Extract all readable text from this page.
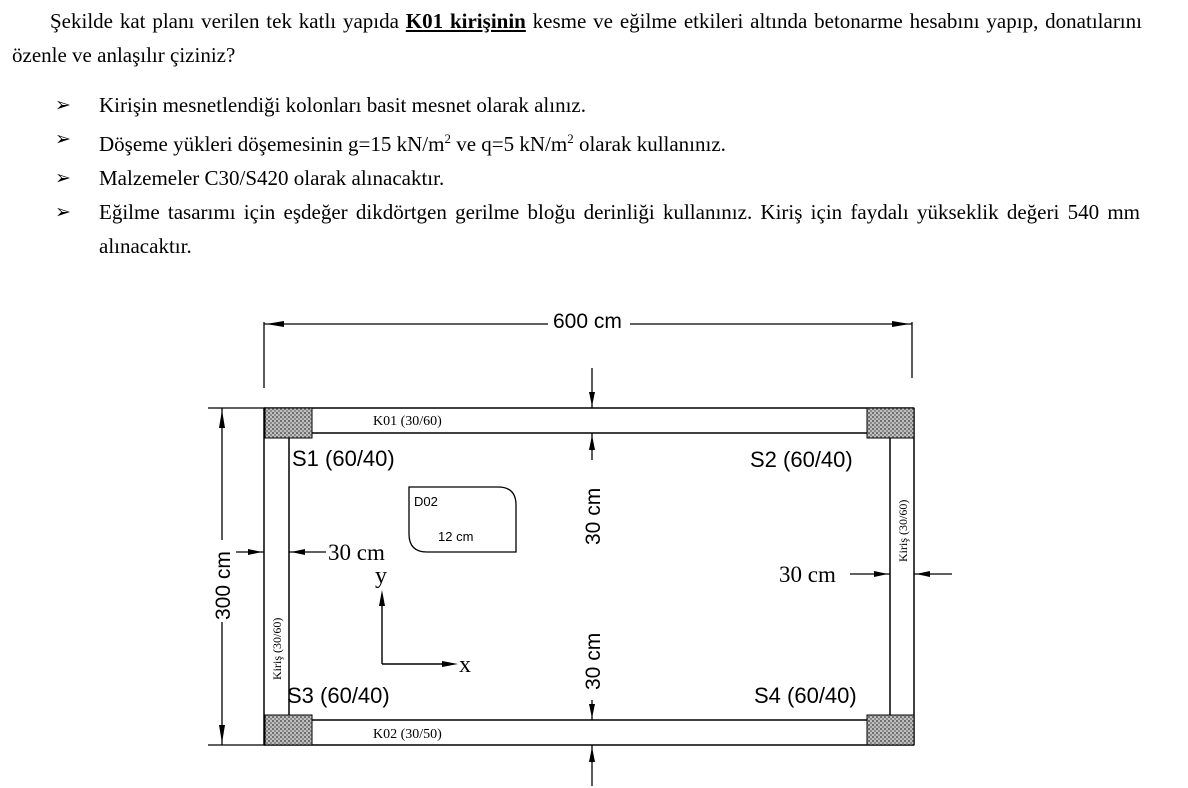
Şekilde kat planı verilen tek katlı yapıda K01 kirişinin kesme ve eğilme etkileri altında betonarme hesabını yapıp, donatılarını özenle ve anlaşılır çiziniz?

➢ Kirişin mesnetlendiği kolonları basit mesnet olarak alınız.
➢ Döşeme yükleri döşemesinin g=15 $kN/m^2$ ve q=5 $kN/m^2$ olarak kullanınız.
➢ Malzemeler C30/S420 olarak alınacaktır.
➢ Eğilme tasarımı için eşdeğer dikdörtgen gerilme bloğu derinliği kullanınız. Kiriş için faydalı yükseklik değeri 540 mm alınacaktır.
600 cm
300 cm
K01 (30/60)
K02 (30/50)
Kiriş (30/60)
Kiriş (30/60)
S1 (60/40)	S2 (60/40)
S3 (60/40)	S4 (60/40)
D02
12 cm	30 cm
30 cm
30 cm
30 cm
y
x
